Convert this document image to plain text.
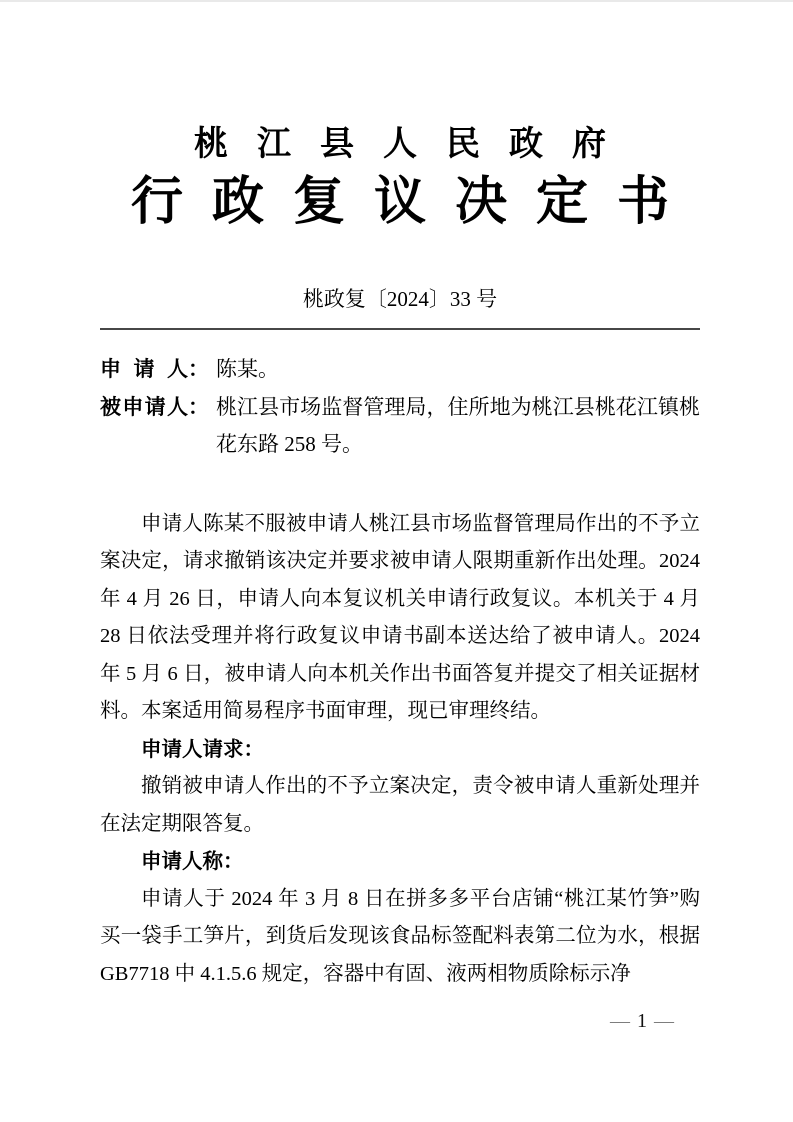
桃江县人民政府
行政复议决定书
桃政复〔2024〕33 号
申请人 ： 陈某。
被申请人 ： 桃江县市场监督管理局，住所地为桃江县桃花江镇桃花东路 258 号。

申请人陈某不服被申请人桃江县市场监督管理局作出的不予立案决定，请求撤销该决定并要求被申请人限期重新作出处理。2024 年 4 月 26 日，申请人向本复议机关申请行政复议。本机关于 4 月 28 日依法受理并将行政复议申请书副本送达给了被申请人。2024 年 5 月 6 日，被申请人向本机关作出书面答复并提交了相关证据材料。本案适用简易程序书面审理，现已审理终结。

申请人请求：

撤销被申请人作出的不予立案决定，责令被申请人重新处理并在法定期限答复。

申请人称：

申请人于 2024 年 3 月 8 日在拼多多平台店铺“桃江某竹笋”购买一袋手工笋片，到货后发现该食品标签配料表第二位为水，根据 GB7718 中 4.1.5.6 规定，容器中有固、液两相物质除标示净

— 1 —
